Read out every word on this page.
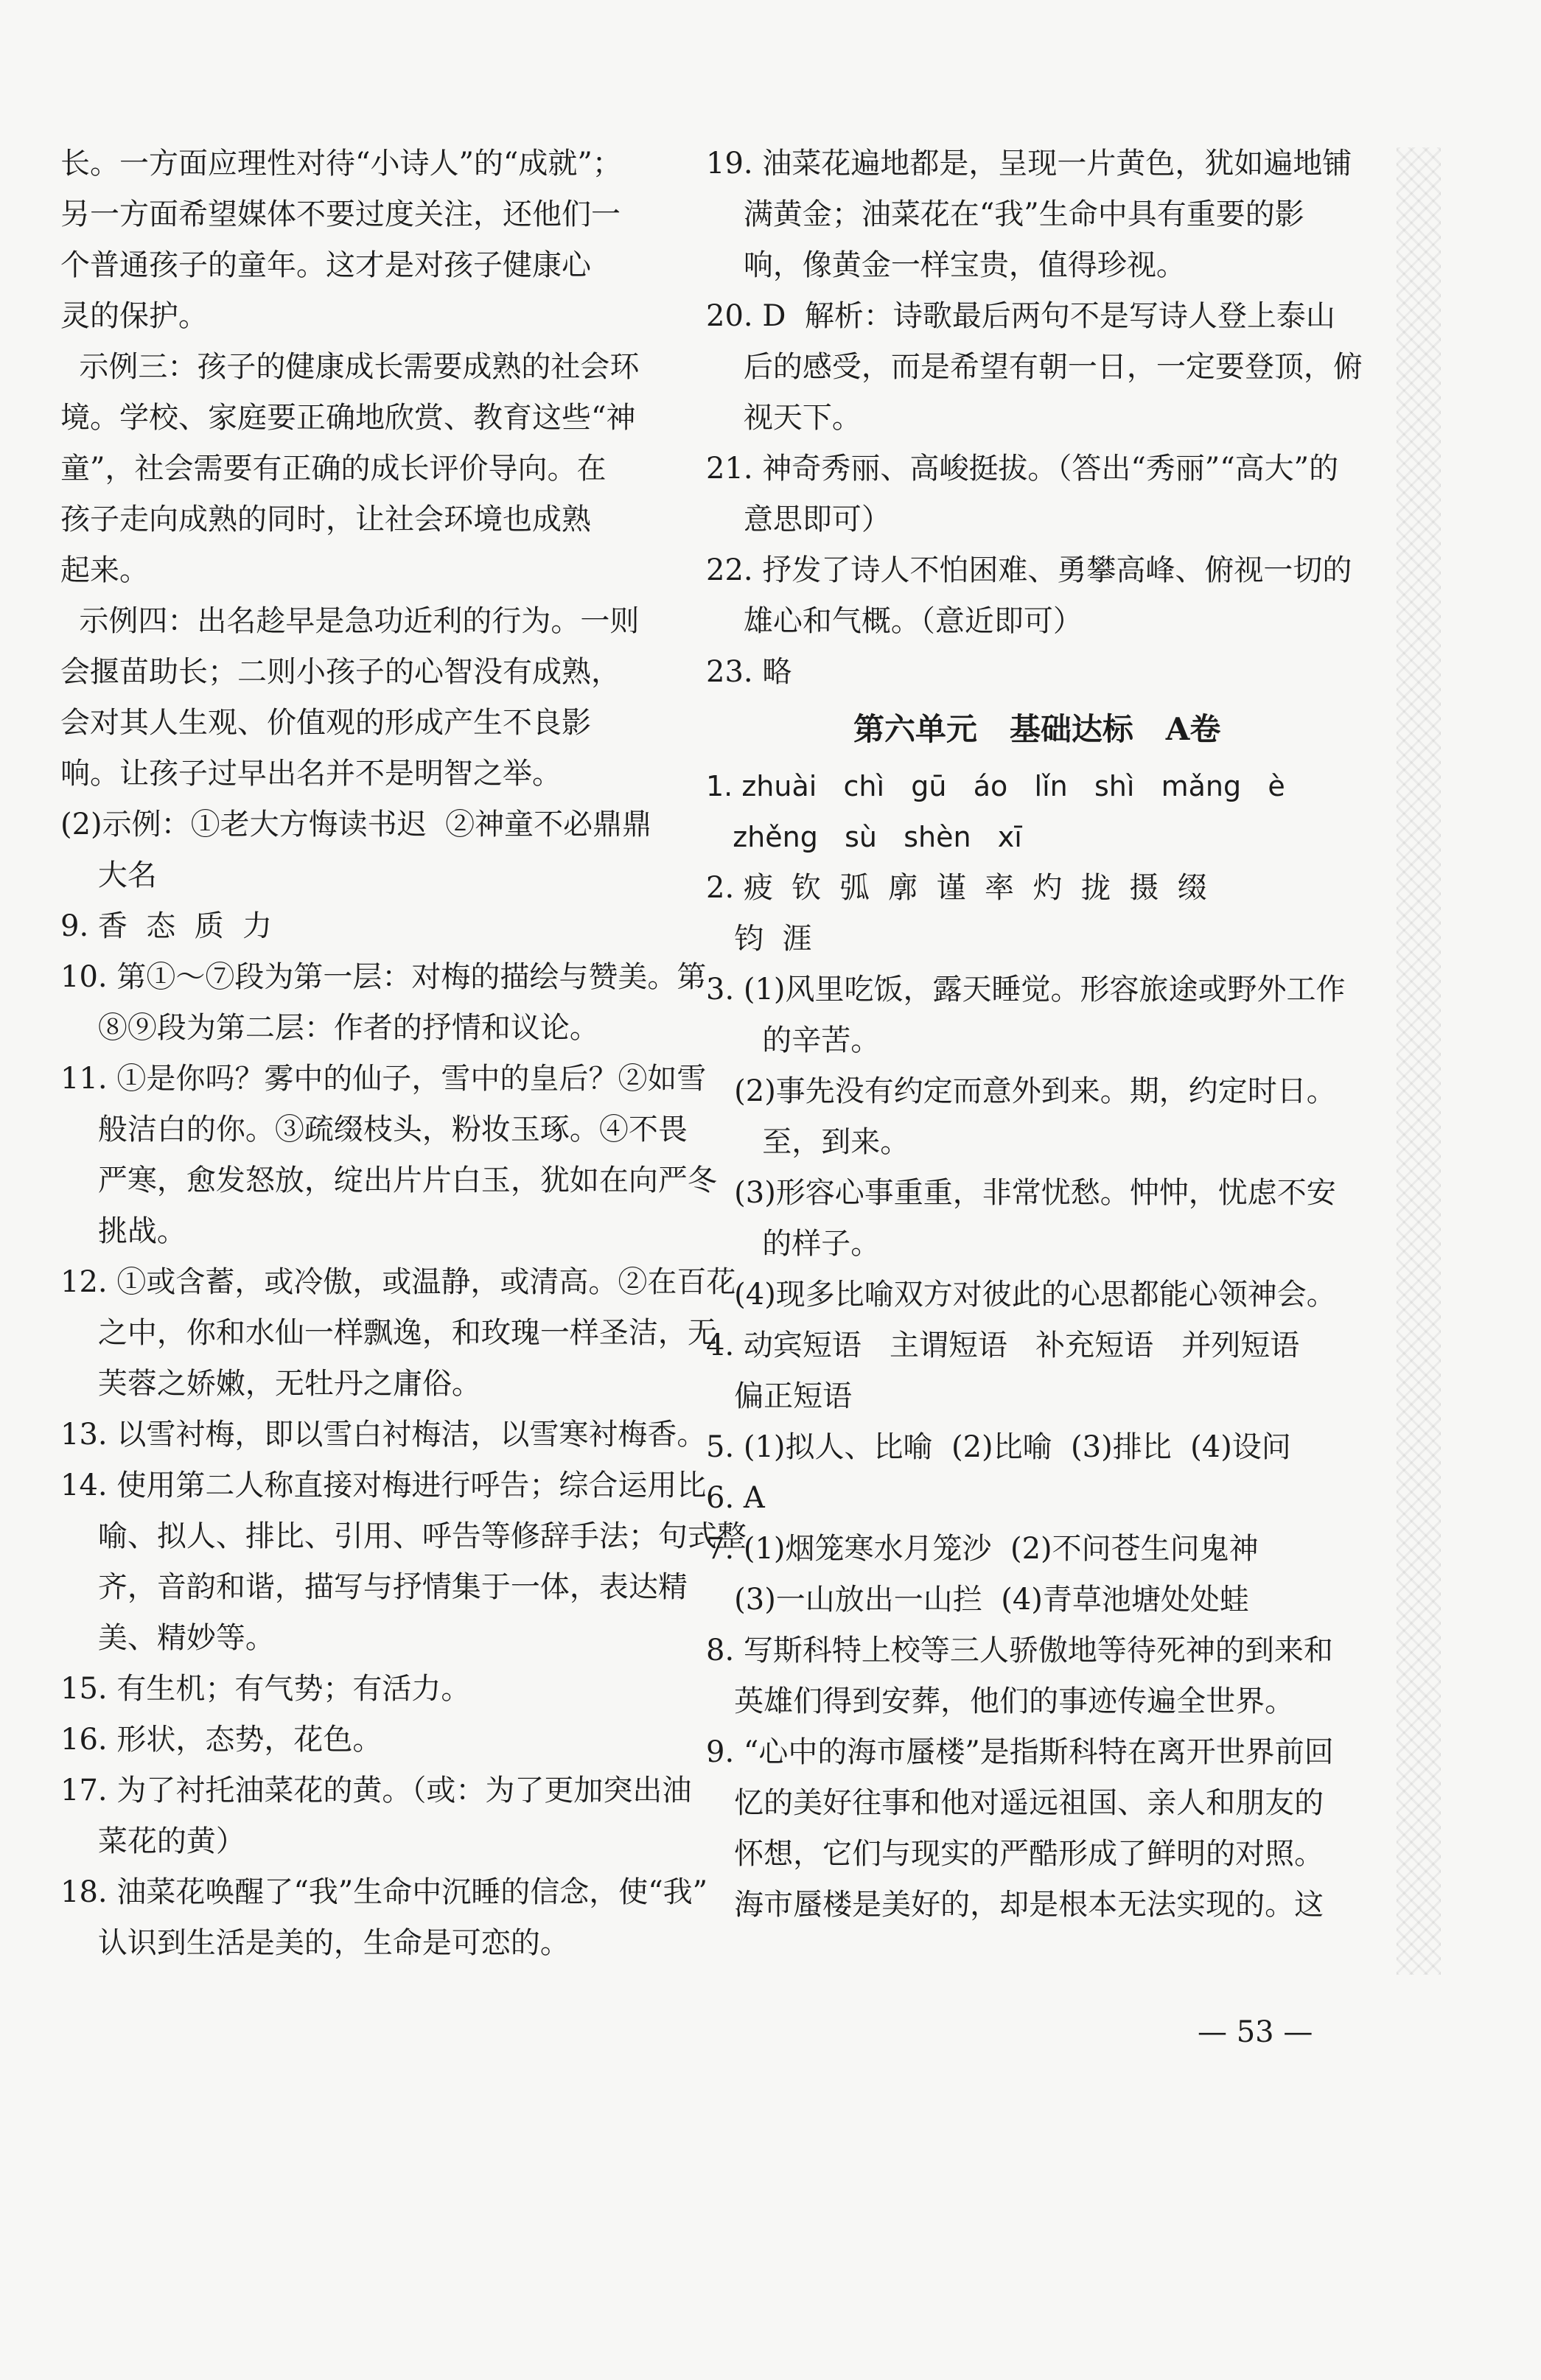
长。一方面应理性对待“小诗人”的“成就”；
另一方面希望媒体不要过度关注，还他们一
个普通孩子的童年。这才是对孩子健康心
灵的保护。
示例三：孩子的健康成长需要成熟的社会环
境。学校、家庭要正确地欣赏、教育这些“神
童”，社会需要有正确的成长评价导向。在
孩子走向成熟的同时，让社会环境也成熟
起来。
示例四：出名趁早是急功近利的行为。一则
会揠苗助长；二则小孩子的心智没有成熟，
会对其人生观、价值观的形成产生不良影
响。让孩子过早出名并不是明智之举。
(2)示例：①老大方悔读书迟  ②神童不必鼎鼎
大名
9. 香  态  质  力
10. 第①～⑦段为第一层：对梅的描绘与赞美。第
⑧⑨段为第二层：作者的抒情和议论。
11. ①是你吗？雾中的仙子，雪中的皇后？②如雪
般洁白的你。③疏缀枝头，粉妆玉琢。④不畏
严寒，愈发怒放，绽出片片白玉，犹如在向严冬
挑战。
12. ①或含蓄，或冷傲，或温静，或清高。②在百花
之中，你和水仙一样飘逸，和玫瑰一样圣洁，无
芙蓉之娇嫩，无牡丹之庸俗。
13. 以雪衬梅，即以雪白衬梅洁，以雪寒衬梅香。
14. 使用第二人称直接对梅进行呼告；综合运用比
喻、拟人、排比、引用、呼告等修辞手法；句式整
齐，音韵和谐，描写与抒情集于一体，表达精
美、精妙等。
15. 有生机；有气势；有活力。
16. 形状，态势，花色。
17. 为了衬托油菜花的黄。（或：为了更加突出油
菜花的黄）
18. 油菜花唤醒了“我”生命中沉睡的信念，使“我”
认识到生活是美的，生命是可恋的。
19. 油菜花遍地都是，呈现一片黄色，犹如遍地铺
满黄金；油菜花在“我”生命中具有重要的影
响，像黄金一样宝贵，值得珍视。
20. D  解析：诗歌最后两句不是写诗人登上泰山
后的感受，而是希望有朝一日，一定要登顶，俯
视天下。
21. 神奇秀丽、高峻挺拔。（答出“秀丽”“高大”的
意思即可）
22. 抒发了诗人不怕困难、勇攀高峰、俯视一切的
雄心和气概。（意近即可）
23. 略
第六单元   基础达标   A卷
1. zhuài   chì   gū   áo   lǐn   shì   mǎng   è
zhěng   sù   shèn   xī
2. 疲  钦  弧  廓  谨  率  灼  拢  摄  缀
钧  涯
3. (1)风里吃饭，露天睡觉。形容旅途或野外工作
的辛苦。
(2)事先没有约定而意外到来。期，约定时日。
至，到来。
(3)形容心事重重，非常忧愁。忡忡，忧虑不安
的样子。
(4)现多比喻双方对彼此的心思都能心领神会。
4. 动宾短语   主谓短语   补充短语   并列短语
偏正短语
5. (1)拟人、比喻  (2)比喻  (3)排比  (4)设问
6. A
7. (1)烟笼寒水月笼沙  (2)不问苍生问鬼神
(3)一山放出一山拦  (4)青草池塘处处蛙
8. 写斯科特上校等三人骄傲地等待死神的到来和
英雄们得到安葬，他们的事迹传遍全世界。
9. “心中的海市蜃楼”是指斯科特在离开世界前回
忆的美好往事和他对遥远祖国、亲人和朋友的
怀想，它们与现实的严酷形成了鲜明的对照。
海市蜃楼是美好的，却是根本无法实现的。这
— 53 —
